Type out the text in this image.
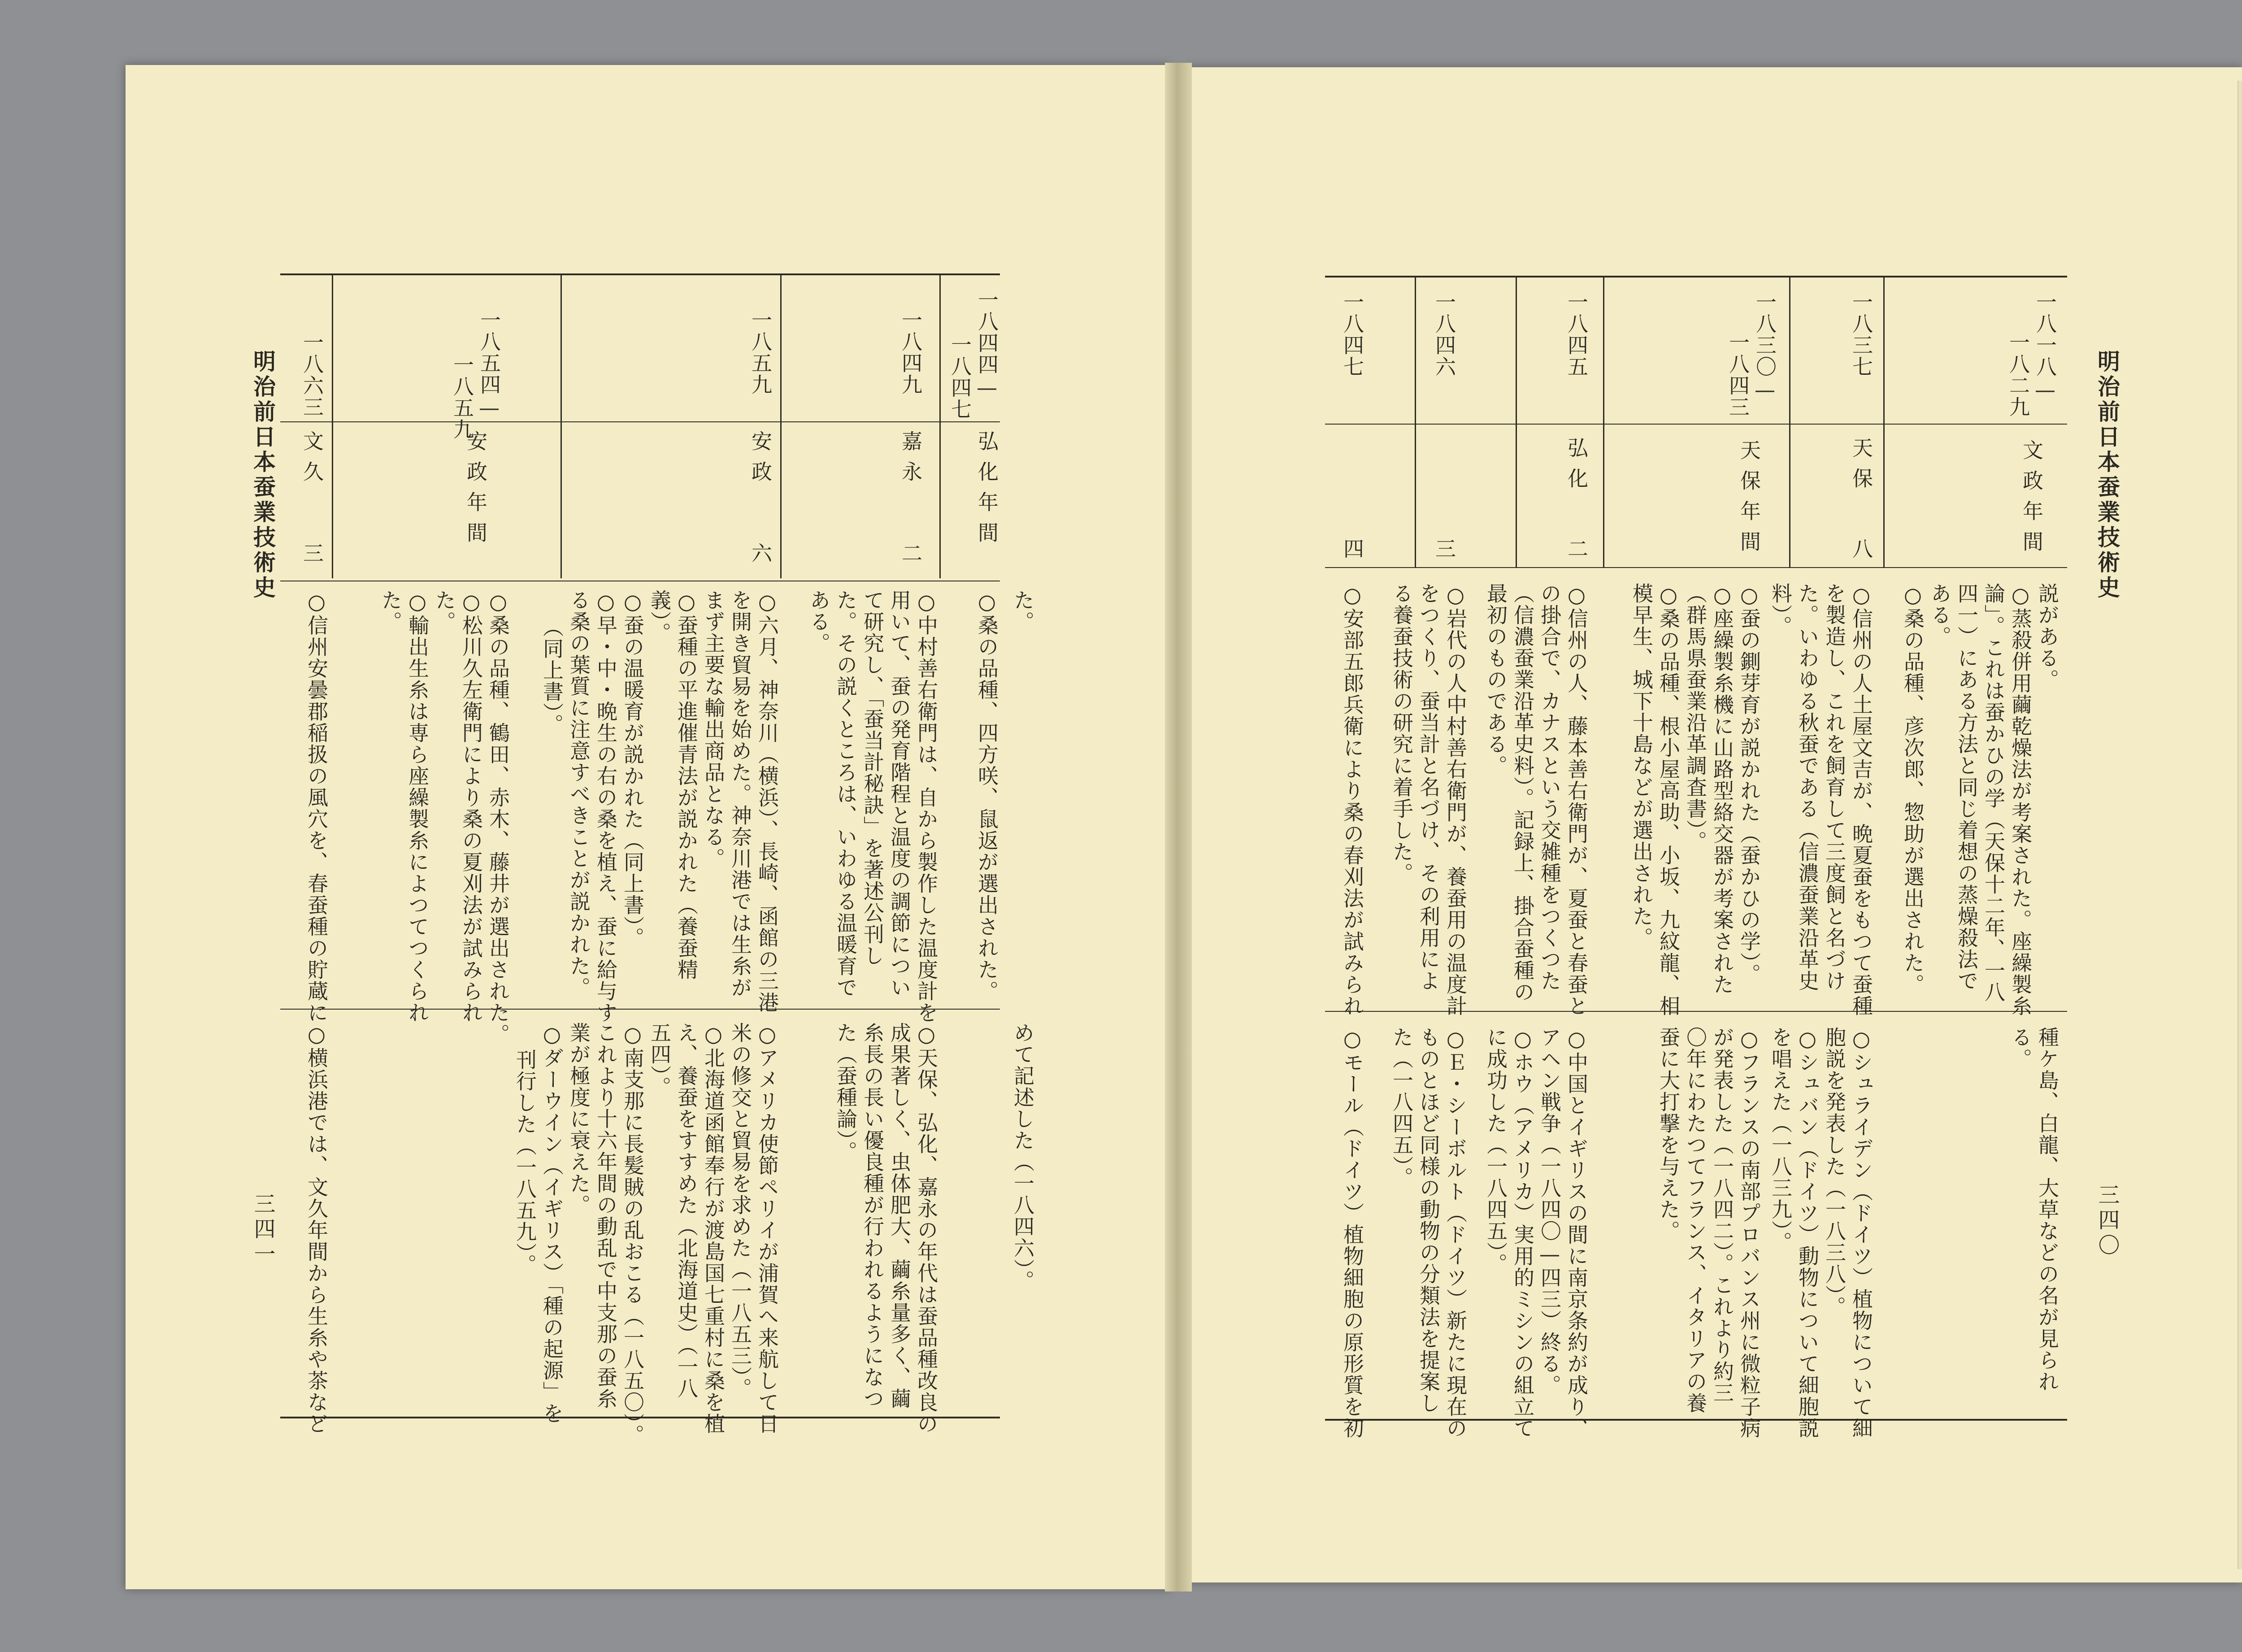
明治前日本蚕業技術史
三四〇
一八一八—
一八二九
文政年間
説がある。
○蒸殺併用繭乾燥法が考案された。座繰製糸
論」。これは蚕かひの学（天保十二年、一八
四一）にある方法と同じ着想の蒸燥殺法で
ある。
○桑の品種、彦次郎、惣助が選出された。
種ケ島、白龍、大草などの名が見られ
る。
一八三七
天保
八
○信州の人土屋文吉が、晩夏蚕をもつて蚕種
を製造し、これを飼育して三度飼と名づけ
た。いわゆる秋蚕である（信濃蚕業沿革史
料）。
○シュライデン（ドイツ）植物について細
胞説を発表した（一八三八）。
○シュバン（ドイツ）動物について細胞説
を唱えた（一八三九）。
一八三〇—
一八四三
天保年間
○蚕の鍘芽育が説かれた（蚕かひの学）。
○座繰製糸機に山路型絡交器が考案された
（群馬県蚕業沿革調査書）。
○桑の品種、根小屋高助、小坂、九紋龍、相
模早生、城下十島などが選出された。
○フランスの南部プロバンス州に微粒子病
が発表した（一八四二）。これより約三
〇年にわたつてフランス、イタリアの養
蚕に大打撃を与えた。
一八四五
弘化
二
○信州の人、藤本善右衛門が、夏蚕と春蚕と
の掛合で、カナスという交雑種をつくつた
（信濃蚕業沿革史料）。記録上、掛合蚕種の
最初のものである。
○中国とイギリスの間に南京条約が成り、
アヘン戦争（一八四〇—四三）終る。
○ホウ（アメリカ）実用的ミシンの組立て
に成功した（一八四五）。
一八四六
三
○岩代の人中村善右衛門が、養蚕用の温度計
をつくり、蚕当計と名づけ、その利用によ
る養蚕技術の研究に着手した。
○Ｅ・シーボルト（ドイツ）新たに現在の
ものとほど同様の動物の分類法を提案し
た（一八四五）。
一八四七
四
○安部五郎兵衛により桑の春刈法が試みられ
○モール（ドイツ）植物細胞の原形質を初
明治前日本蚕業技術史
三四一
一八四四—
一八四七
弘化年間
た。
○桑の品種、四方咲、鼠返が選出された。
めて記述した（一八四六）。
一八四九
嘉永
二
○中村善右衛門は、自から製作した温度計を
用いて、蚕の発育階程と温度の調節につい
て研究し、「蚕当計秘訣」を著述公刊し
た。その説くところは、いわゆる温暖育で
ある。
○天保、弘化、嘉永の年代は蚕品種改良の
成果著しく、虫体肥大、繭糸量多く、繭
糸長の長い優良種が行われるようになつ
た（蚕種論）。
一八五九
安政
六
○六月、神奈川（横浜）、長崎、函館の三港
を開き貿易を始めた。神奈川港では生糸が
まず主要な輸出商品となる。
○蚕種の平進催青法が説かれた（養蚕精
義）。
○蚕の温暖育が説かれた（同上書）。
○早・中・晩生の右の桑を植え、蚕に給与す
る桑の葉質に注意すべきことが説かれた。
（同上書）。
○アメリカ使節ペリイが浦賀へ来航して日
米の修交と貿易を求めた（一八五三）。
○北海道函館奉行が渡島国七重村に桑を植
え、養蚕をすすめた（北海道史）（一八
五四）。
○南支那に長髪賊の乱おこる（一八五〇）。
これより十六年間の動乱で中支那の蚕糸
業が極度に衰えた。
○ダーウイン（イギリス）「種の起源」を
刊行した（一八五九）。
一八五四—
一八五九
安政年間
○桑の品種、鶴田、赤木、藤井が選出された。
○松川久左衛門により桑の夏刈法が試みられ
た。
○輸出生糸は専ら座繰製糸によつてつくられ
た。
一八六三
文久
三
○信州安曇郡稲扱の風穴を、春蚕種の貯蔵に
○横浜港では、文久年間から生糸や茶など
